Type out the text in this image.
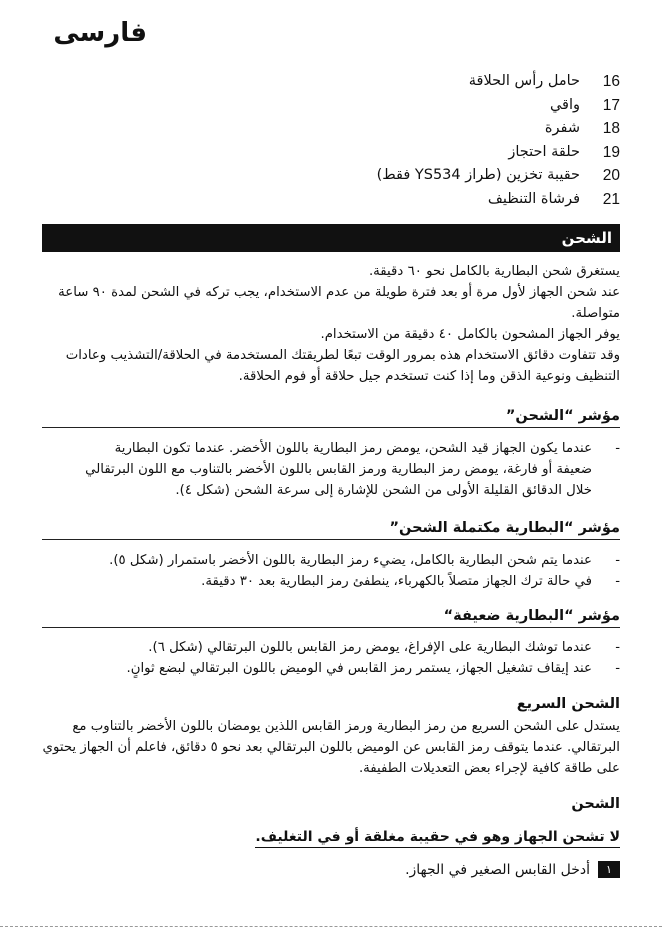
فارسی
16
حامل رأس الحلاقة
17
واقي
18
شفرة
19
حلقة احتجاز
20
حقيبة تخزين (طراز YS534 فقط)
21
فرشاة التنظيف
الشحن

يستغرق شحن البطارية بالكامل نحو ٦٠ دقيقة.

عند شحن الجهاز لأول مرة أو بعد فترة طويلة من عدم الاستخدام، يجب تركه في الشحن لمدة ٩٠ ساعة متواصلة.

يوفر الجهاز المشحون بالكامل ٤٠ دقيقة من الاستخدام.

وقد تتفاوت دقائق الاستخدام هذه بمرور الوقت تبعًا لطريقتك المستخدمة في الحلاقة/التشذيب وعادات التنظيف ونوعية الذقن وما إذا كنت تستخدم جيل حلاقة أو فوم الحلاقة.

مؤشر “الشحن”
-
عندما يكون الجهاز قيد الشحن، يومض رمز البطارية باللون الأخضر. عندما تكون البطارية ضعيفة أو فارغة، يومض رمز البطارية ورمز القابس باللون الأخضر بالتناوب مع اللون البرتقالي خلال الدقائق القليلة الأولى من الشحن للإشارة إلى سرعة الشحن (شكل ٤).
مؤشر “البطارية مكتملة الشحن”
-
عندما يتم شحن البطارية بالكامل، يضيء رمز البطارية باللون الأخضر باستمرار (شكل ٥).
-
في حالة ترك الجهاز متصلاً بالكهرباء، ينطفئ رمز البطارية بعد ٣٠ دقيقة.
مؤشر “البطارية ضعيفة“
-
عندما توشك البطارية على الإفراغ، يومض رمز القابس باللون البرتقالي (شكل ٦).
-
عند إيقاف تشغيل الجهاز، يستمر رمز القابس في الوميض باللون البرتقالي لبضع ثوانٍ.
الشحن السريع

يستدل على الشحن السريع من رمز البطارية ورمز القابس اللذين يومضان باللون الأخضر بالتناوب مع البرتقالي. عندما يتوقف رمز القابس عن الوميض باللون البرتقالي بعد نحو ٥ دقائق، فاعلم أن الجهاز يحتوي على طاقة كافية لإجراء بعض التعديلات الطفيفة.

الشحن
لا تشحن الجهاز وهو في حقيبة مغلقة أو في التغليف.
١
أدخل القابس الصغير في الجهاز.
